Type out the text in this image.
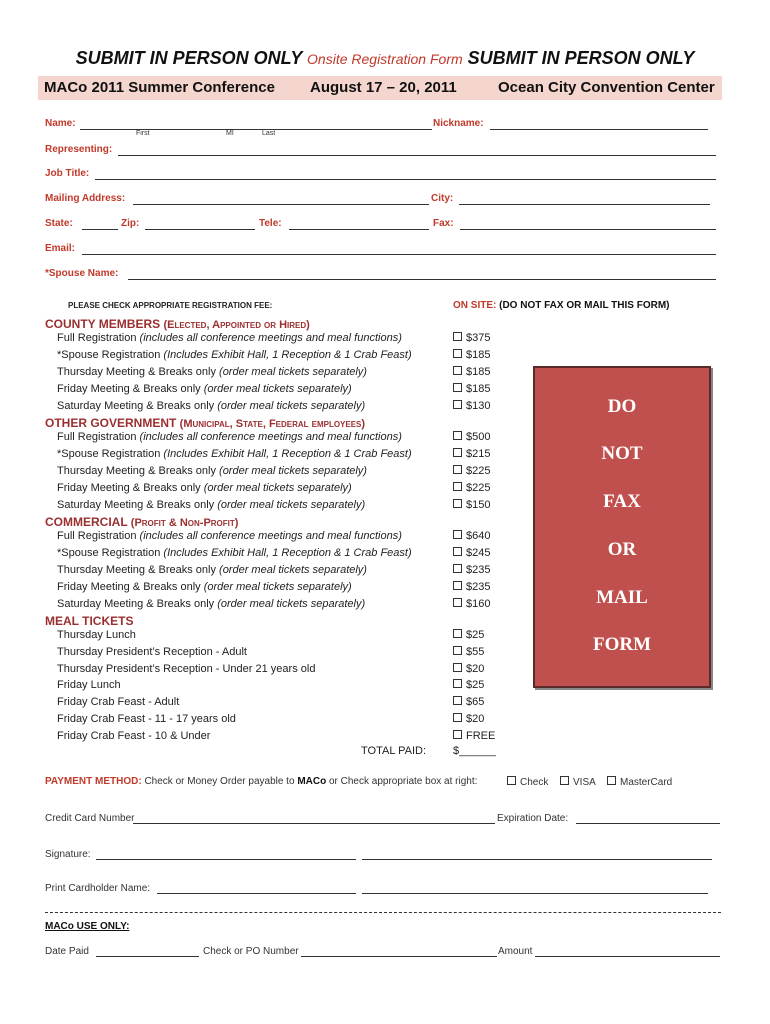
SUBMIT IN PERSON ONLY Onsite Registration Form SUBMIT IN PERSON ONLY
MACo 2011 Summer Conference August 17 – 20, 2011	Ocean City Convention Center
Name:
First	MI	Last
Nickname:
Representing:
Job Title:
Mailing Address:	City:
State:	Zip:	Tele:	Fax:
Email:
*Spouse Name:
PLEASE CHECK APPROPRIATE REGISTRATION FEE:	ON SITE: (DO NOT FAX OR MAIL THIS FORM)
COUNTY MEMBERS (Elected, Appointed or Hired)
Full Registration (includes all conference meetings and meal functions)	$375
*Spouse Registration (Includes Exhibit Hall, 1 Reception & 1 Crab Feast)	$185
Thursday Meeting & Breaks only (order meal tickets separately)	$185
Friday Meeting & Breaks only (order meal tickets separately)	$185
Saturday Meeting & Breaks only (order meal tickets separately)	$130
OTHER GOVERNMENT (Municipal, State, Federal employees)
Full Registration (includes all conference meetings and meal functions)	$500
*Spouse Registration (Includes Exhibit Hall, 1 Reception & 1 Crab Feast)	$215
Thursday Meeting & Breaks only (order meal tickets separately)	$225
Friday Meeting & Breaks only (order meal tickets separately)	$225
Saturday Meeting & Breaks only (order meal tickets separately)	$150
COMMERCIAL (Profit & Non-Profit)
Full Registration (includes all conference meetings and meal functions)	$640
*Spouse Registration (Includes Exhibit Hall, 1 Reception & 1 Crab Feast)	$245
Thursday Meeting & Breaks only (order meal tickets separately)	$235
Friday Meeting & Breaks only (order meal tickets separately)	$235
Saturday Meeting & Breaks only (order meal tickets separately)	$160
MEAL TICKETS
Thursday Lunch	$25
Thursday President’s Reception - Adult	$55
Thursday President’s Reception - Under 21 years old	$20
Friday Lunch	$25
Friday Crab Feast - Adult	$65
Friday Crab Feast - 11 - 17 years old	$20
Friday Crab Feast - 10 & Under	FREE
TOTAL PAID: $______
DO
NOT
FAX
OR
MAIL
FORM
PAYMENT METHOD: Check or Money Order payable to MACo or Check appropriate box at right:	Check	VISA	MasterCard
Credit Card Number	Expiration Date:
Signature:
Print Cardholder Name:
MACo USE ONLY:
Date Paid	Check or PO Number	Amount
